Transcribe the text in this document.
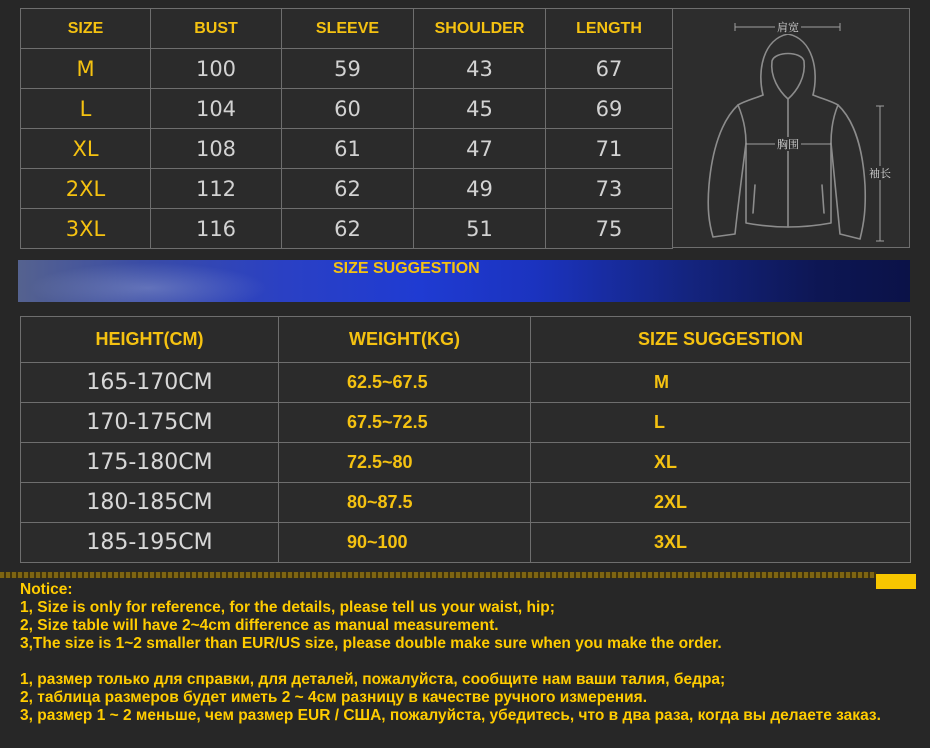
SIZE	BUST	SLEEVE	SHOULDER	LENGTH
M	100	59	43	67
L	104	60	45	69
XL	108	61	47	71
2XL	112	62	49	73
3XL	116	62	51	75
肩宽
胸围
袖长
SIZE SUGGESTION
HEIGHT(CM)	WEIGHT(KG)	SIZE SUGGESTION
165-170CM	62.5~67.5	M
170-175CM	67.5~72.5	L
175-180CM	72.5~80	XL
180-185CM	80~87.5	2XL
185-195CM	90~100	3XL
Notice:
1, Size is only for reference, for the details, please tell us your waist, hip;
2, Size table will have 2~4cm difference as manual measurement.
3,The size is 1~2 smaller than EUR/US size, please double make sure when you make the order.
1, размер только для справки, для деталей, пожалуйста, сообщите нам ваши талия, бедра;
2, таблица размеров будет иметь 2 ~ 4см разницу в качестве ручного измерения.
3, размер 1 ~ 2 меньше, чем размер EUR / США, пожалуйста, убедитесь, что в два раза, когда вы делаете заказ.
